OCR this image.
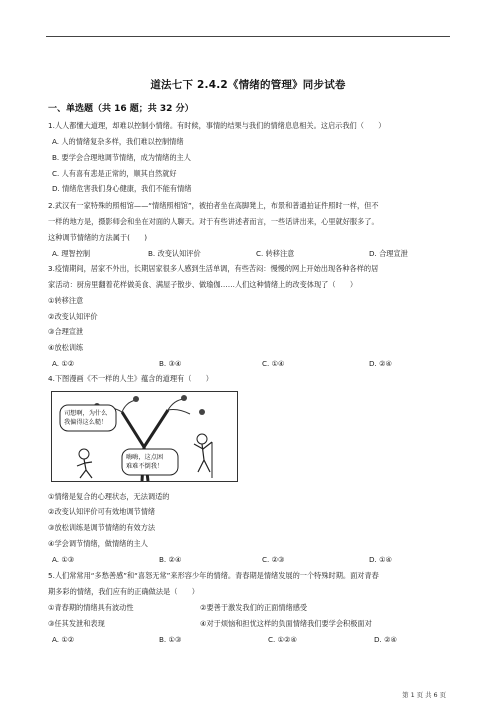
道法七下 2.4.2《情绪的管理》同步试卷
一、单选题（共 16 题；共 32 分）
1.人人都懂大道理，却难以控制小情绪。有时候，事情的结果与我们的情绪息息相关。这启示我们（　　）
A. 人的情绪复杂多样，我们难以控制情绪
B. 要学会合理地调节情绪，成为情绪的主人
C. 人有喜有悲是正常的，顺其自然就好
D. 情绪危害我们身心健康，我们不能有情绪
2.武汉有一家特殊的照相馆——“情绪照相馆”，被拍者坐在高脚凳上，布景和普通拍证件照时一样，但不
一样的地方是，摄影师会和坐在对面的人聊天。对于有些讲述者而言，一些话讲出来，心里就好服多了。
这种调节情绪的方法属于(　　)
A. 理智控制	B. 改变认知评价	C. 转移注意	D. 合理宣泄
3.疫情期间，居家不外出，长期居家很多人感到生活单调，有些苦闷：慢慢的网上开始出现各种各样的居
家活动：厨房里翻着花样做美食、满屋子散步、做瑜伽……人们这种情绪上的改变体现了（　　）
①转移注意
②改变认知评价
③合理宣泄
④放松训练
A. ①②	B. ③④	C. ①④	D. ②④
4.下图漫画《不一样的人生》蕴含的道理有（　　）
司想啊，为什么
我偏得这么糙！
嗨嗨，这点困
难难不倒我！
①情绪是复合的心理状态，无法调适的
②改变认知评价可有效地调节情绪
③放松训练是调节情绪的有效方法
④学会调节情绪，做情绪的主人
A. ①③	B. ②④	C. ②③	D. ①④
5.人们常常用“多愁善感”和“喜怒无常”来形容少年的情绪。青春期是情绪发展的一个特殊时期。面对青春
期多彩的情绪，我们应有的正确做法是（　　）
①青春期的情绪具有波动性	②要善于激发我们的正面情绪感受
③任其发泄和表现	④对于烦恼和担忧这样的负面情绪我们要学会积极面对
A. ①②	B. ①③	C. ①②④	D. ②④
第 1 页 共 6 页
